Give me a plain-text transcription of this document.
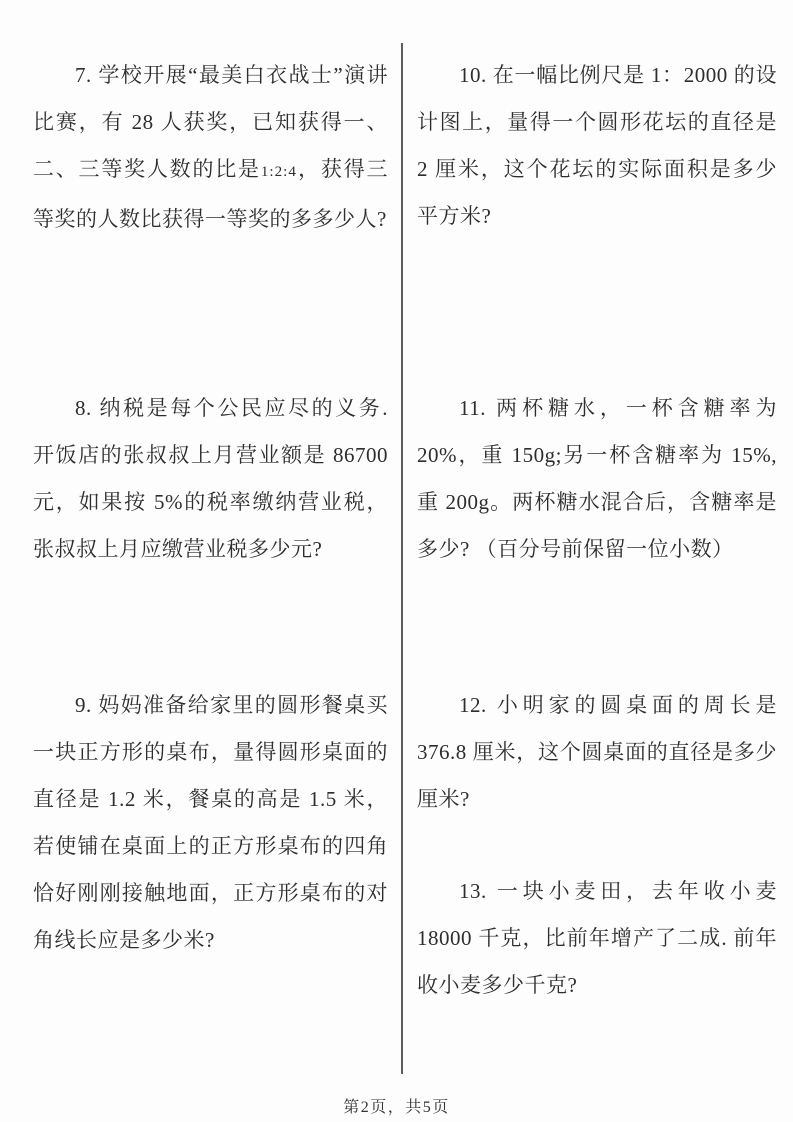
7. 学校开展“最美白衣战士”演讲比赛，有 28 人获奖，已知获得一、二、三等奖人数的比是1:2:4，获得三等奖的人数比获得一等奖的多多少人?

8. 纳税是每个公民应尽的义务. 开饭店的张叔叔上月营业额是 86700 元，如果按 5%的税率缴纳营业税，张叔叔上月应缴营业税多少元?

9. 妈妈准备给家里的圆形餐桌买一块正方形的桌布，量得圆形桌面的直径是 1.2 米，餐桌的高是 1.5 米，若使铺在桌面上的正方形桌布的四角恰好刚刚接触地面，正方形桌布的对角线长应是多少米?

10. 在一幅比例尺是 1：2000 的设计图上，量得一个圆形花坛的直径是 2 厘米，这个花坛的实际面积是多少平方米?

11. 两杯糖水，一杯含糖率为 20%，重 150g;另一杯含糖率为 15%,重 200g。两杯糖水混合后，含糖率是多少? （百分号前保留一位小数）

12. 小明家的圆桌面的周长是 376.8 厘米，这个圆桌面的直径是多少厘米?

13. 一块小麦田，去年收小麦 18000 千克，比前年增产了二成. 前年收小麦多少千克?

第2页，共5页
